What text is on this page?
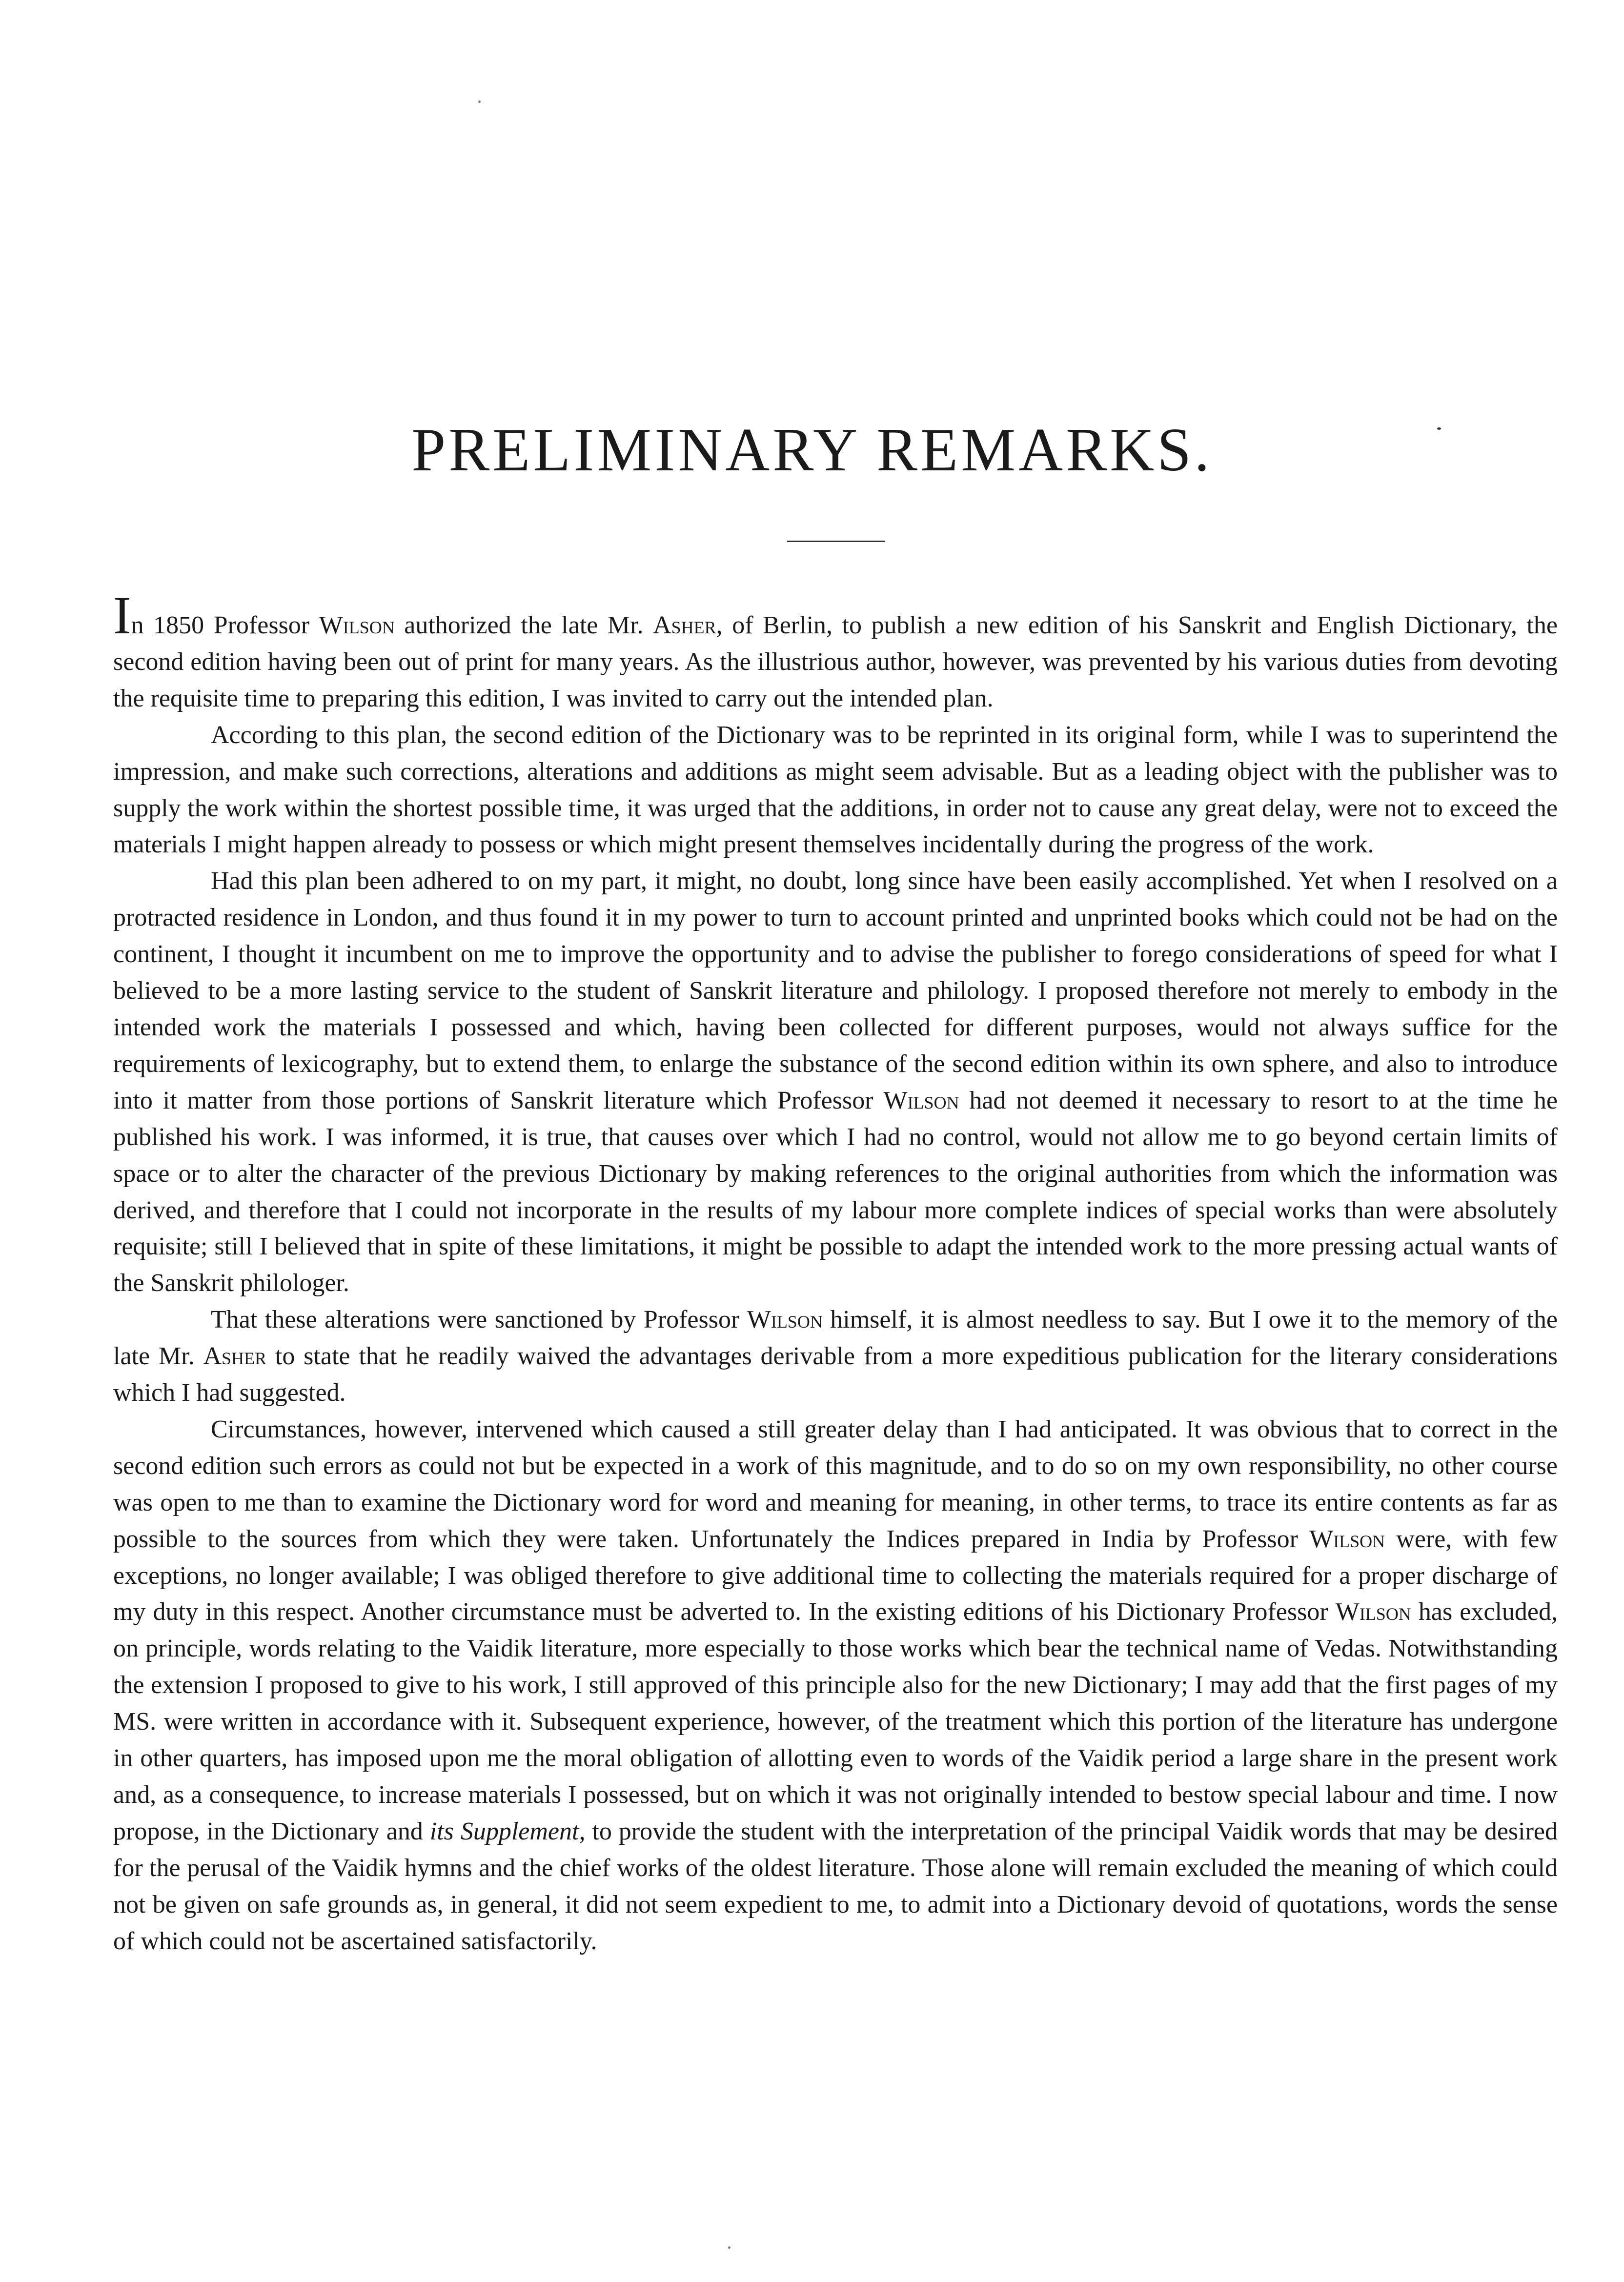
PRELIMINARY REMARKS.

In 1850 Professor Wilson authorized the late Mr. Asher, of Berlin, to publish a new edition of his Sanskrit and English Dictionary, the second edition having been out of print for many years. As the illustrious author, however, was prevented by his various duties from devoting the requisite time to preparing this edition, I was invited to carry out the intended plan.

According to this plan, the second edition of the Dictionary was to be reprinted in its original form, while I was to superintend the impression, and make such corrections, alterations and additions as might seem advisable. But as a leading object with the publisher was to supply the work within the shortest possible time, it was urged that the additions, in order not to cause any great delay, were not to exceed the materials I might happen already to possess or which might present themselves incidentally during the progress of the work.

Had this plan been adhered to on my part, it might, no doubt, long since have been easily accomplished. Yet when I resolved on a protracted residence in London, and thus found it in my power to turn to account printed and unprinted books which could not be had on the continent, I thought it incumbent on me to improve the opportunity and to advise the publisher to forego considerations of speed for what I believed to be a more lasting service to the student of Sanskrit literature and philology. I proposed therefore not merely to embody in the intended work the materials I possessed and which, having been collected for different purposes, would not always suffice for the requirements of lexicography, but to extend them, to enlarge the substance of the second edition within its own sphere, and also to introduce into it matter from those portions of Sanskrit literature which Professor Wilson had not deemed it necessary to resort to at the time he published his work. I was informed, it is true, that causes over which I had no control, would not allow me to go beyond certain limits of space or to alter the character of the previous Dictionary by making references to the original authorities from which the information was derived, and therefore that I could not incorporate in the results of my labour more complete indices of special works than were absolutely requisite; still I believed that in spite of these limitations, it might be possible to adapt the intended work to the more pressing actual wants of the Sanskrit philologer.

That these alterations were sanctioned by Professor Wilson himself, it is almost needless to say. But I owe it to the memory of the late Mr. Asher to state that he readily waived the advantages derivable from a more expeditious publication for the literary considerations which I had suggested.

Circumstances, however, intervened which caused a still greater delay than I had anticipated. It was obvious that to correct in the second edition such errors as could not but be expected in a work of this magnitude, and to do so on my own responsibility, no other course was open to me than to examine the Dictionary word for word and meaning for meaning, in other terms, to trace its entire contents as far as possible to the sources from which they were taken. Unfortunately the Indices prepared in India by Professor Wilson were, with few exceptions, no longer available; I was obliged therefore to give additional time to collecting the materials required for a proper discharge of my duty in this respect. Another circumstance must be adverted to. In the existing editions of his Dictionary Professor Wilson has excluded, on principle, words relating to the Vaidik literature, more especially to those works which bear the technical name of Vedas. Notwithstanding the extension I proposed to give to his work, I still approved of this principle also for the new Dictionary; I may add that the first pages of my MS. were written in accordance with it. Subsequent experience, however, of the treatment which this portion of the literature has undergone in other quarters, has imposed upon me the moral obligation of allotting even to words of the Vaidik period a large share in the present work and, as a consequence, to increase materials I possessed, but on which it was not originally intended to bestow special labour and time. I now propose, in the Dictionary and its Supplement, to provide the student with the interpretation of the principal Vaidik words that may be desired for the perusal of the Vaidik hymns and the chief works of the oldest literature. Those alone will remain excluded the meaning of which could not be given on safe grounds as, in general, it did not seem expedient to me, to admit into a Dictionary devoid of quotations, words the sense of which could not be ascertained satisfactorily.
